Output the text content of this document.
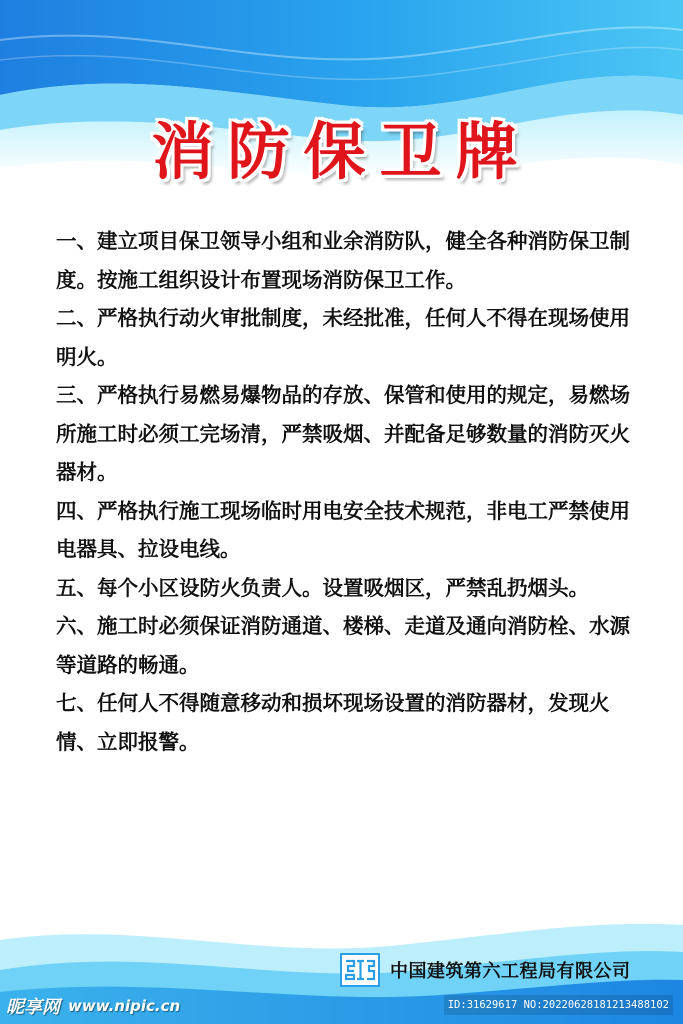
消防保卫牌
一、建立项目保卫领导小组和业余消防队，健全各种消防保卫制度。按施工组织设计布置现场消防保卫工作。
二、严格执行动火审批制度，未经批准，任何人不得在现场使用明火。
三、严格执行易燃易爆物品的存放、保管和使用的规定，易燃场所施工时必须工完场清，严禁吸烟、并配备足够数量的消防灭火器材。
四、严格执行施工现场临时用电安全技术规范，非电工严禁使用电器具、拉设电线。
五、每个小区设防火负责人。设置吸烟区，严禁乱扔烟头。
六、施工时必须保证消防通道、楼梯、走道及通向消防栓、水源等道路的畅通。
七、任何人不得随意移动和损坏现场设置的消防器材，发现火情、立即报警。
中国建筑第六工程局有限公司
昵享网 www.nipic.cn	ID:31629617 NO:20220628181213488102
